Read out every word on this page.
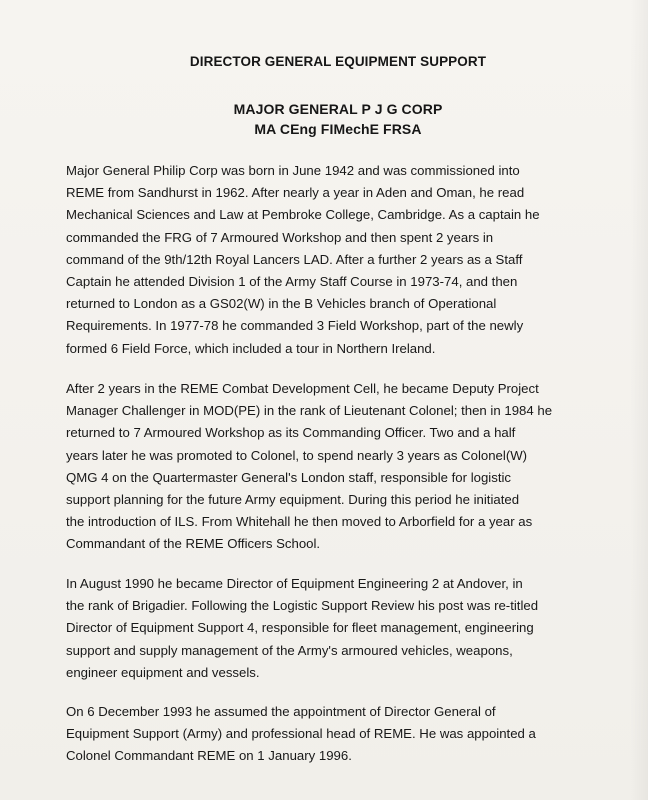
DIRECTOR GENERAL EQUIPMENT SUPPORT
MAJOR GENERAL P J G CORP
MA CEng FIMechE FRSA

Major General Philip Corp was born in June 1942 and was commissioned into
REME from Sandhurst in 1962. After nearly a year in Aden and Oman, he read
Mechanical Sciences and Law at Pembroke College, Cambridge. As a captain he
commanded the FRG of 7 Armoured Workshop and then spent 2 years in
command of the 9th/12th Royal Lancers LAD. After a further 2 years as a Staff
Captain he attended Division 1 of the Army Staff Course in 1973-74, and then
returned to London as a GS02(W) in the B Vehicles branch of Operational
Requirements. In 1977-78 he commanded 3 Field Workshop, part of the newly
formed 6 Field Force, which included a tour in Northern Ireland.

After 2 years in the REME Combat Development Cell, he became Deputy Project
Manager Challenger in MOD(PE) in the rank of Lieutenant Colonel; then in 1984 he
returned to 7 Armoured Workshop as its Commanding Officer. Two and a half
years later he was promoted to Colonel, to spend nearly 3 years as Colonel(W)
QMG 4 on the Quartermaster General's London staff, responsible for logistic
support planning for the future Army equipment. During this period he initiated
the introduction of ILS. From Whitehall he then moved to Arborfield for a year as
Commandant of the REME Officers School.

In August 1990 he became Director of Equipment Engineering 2 at Andover, in
the rank of Brigadier. Following the Logistic Support Review his post was re-titled
Director of Equipment Support 4, responsible for fleet management, engineering
support and supply management of the Army's armoured vehicles, weapons,
engineer equipment and vessels.

On 6 December 1993 he assumed the appointment of Director General of
Equipment Support (Army) and professional head of REME. He was appointed a
Colonel Commandant REME on 1 January 1996.
